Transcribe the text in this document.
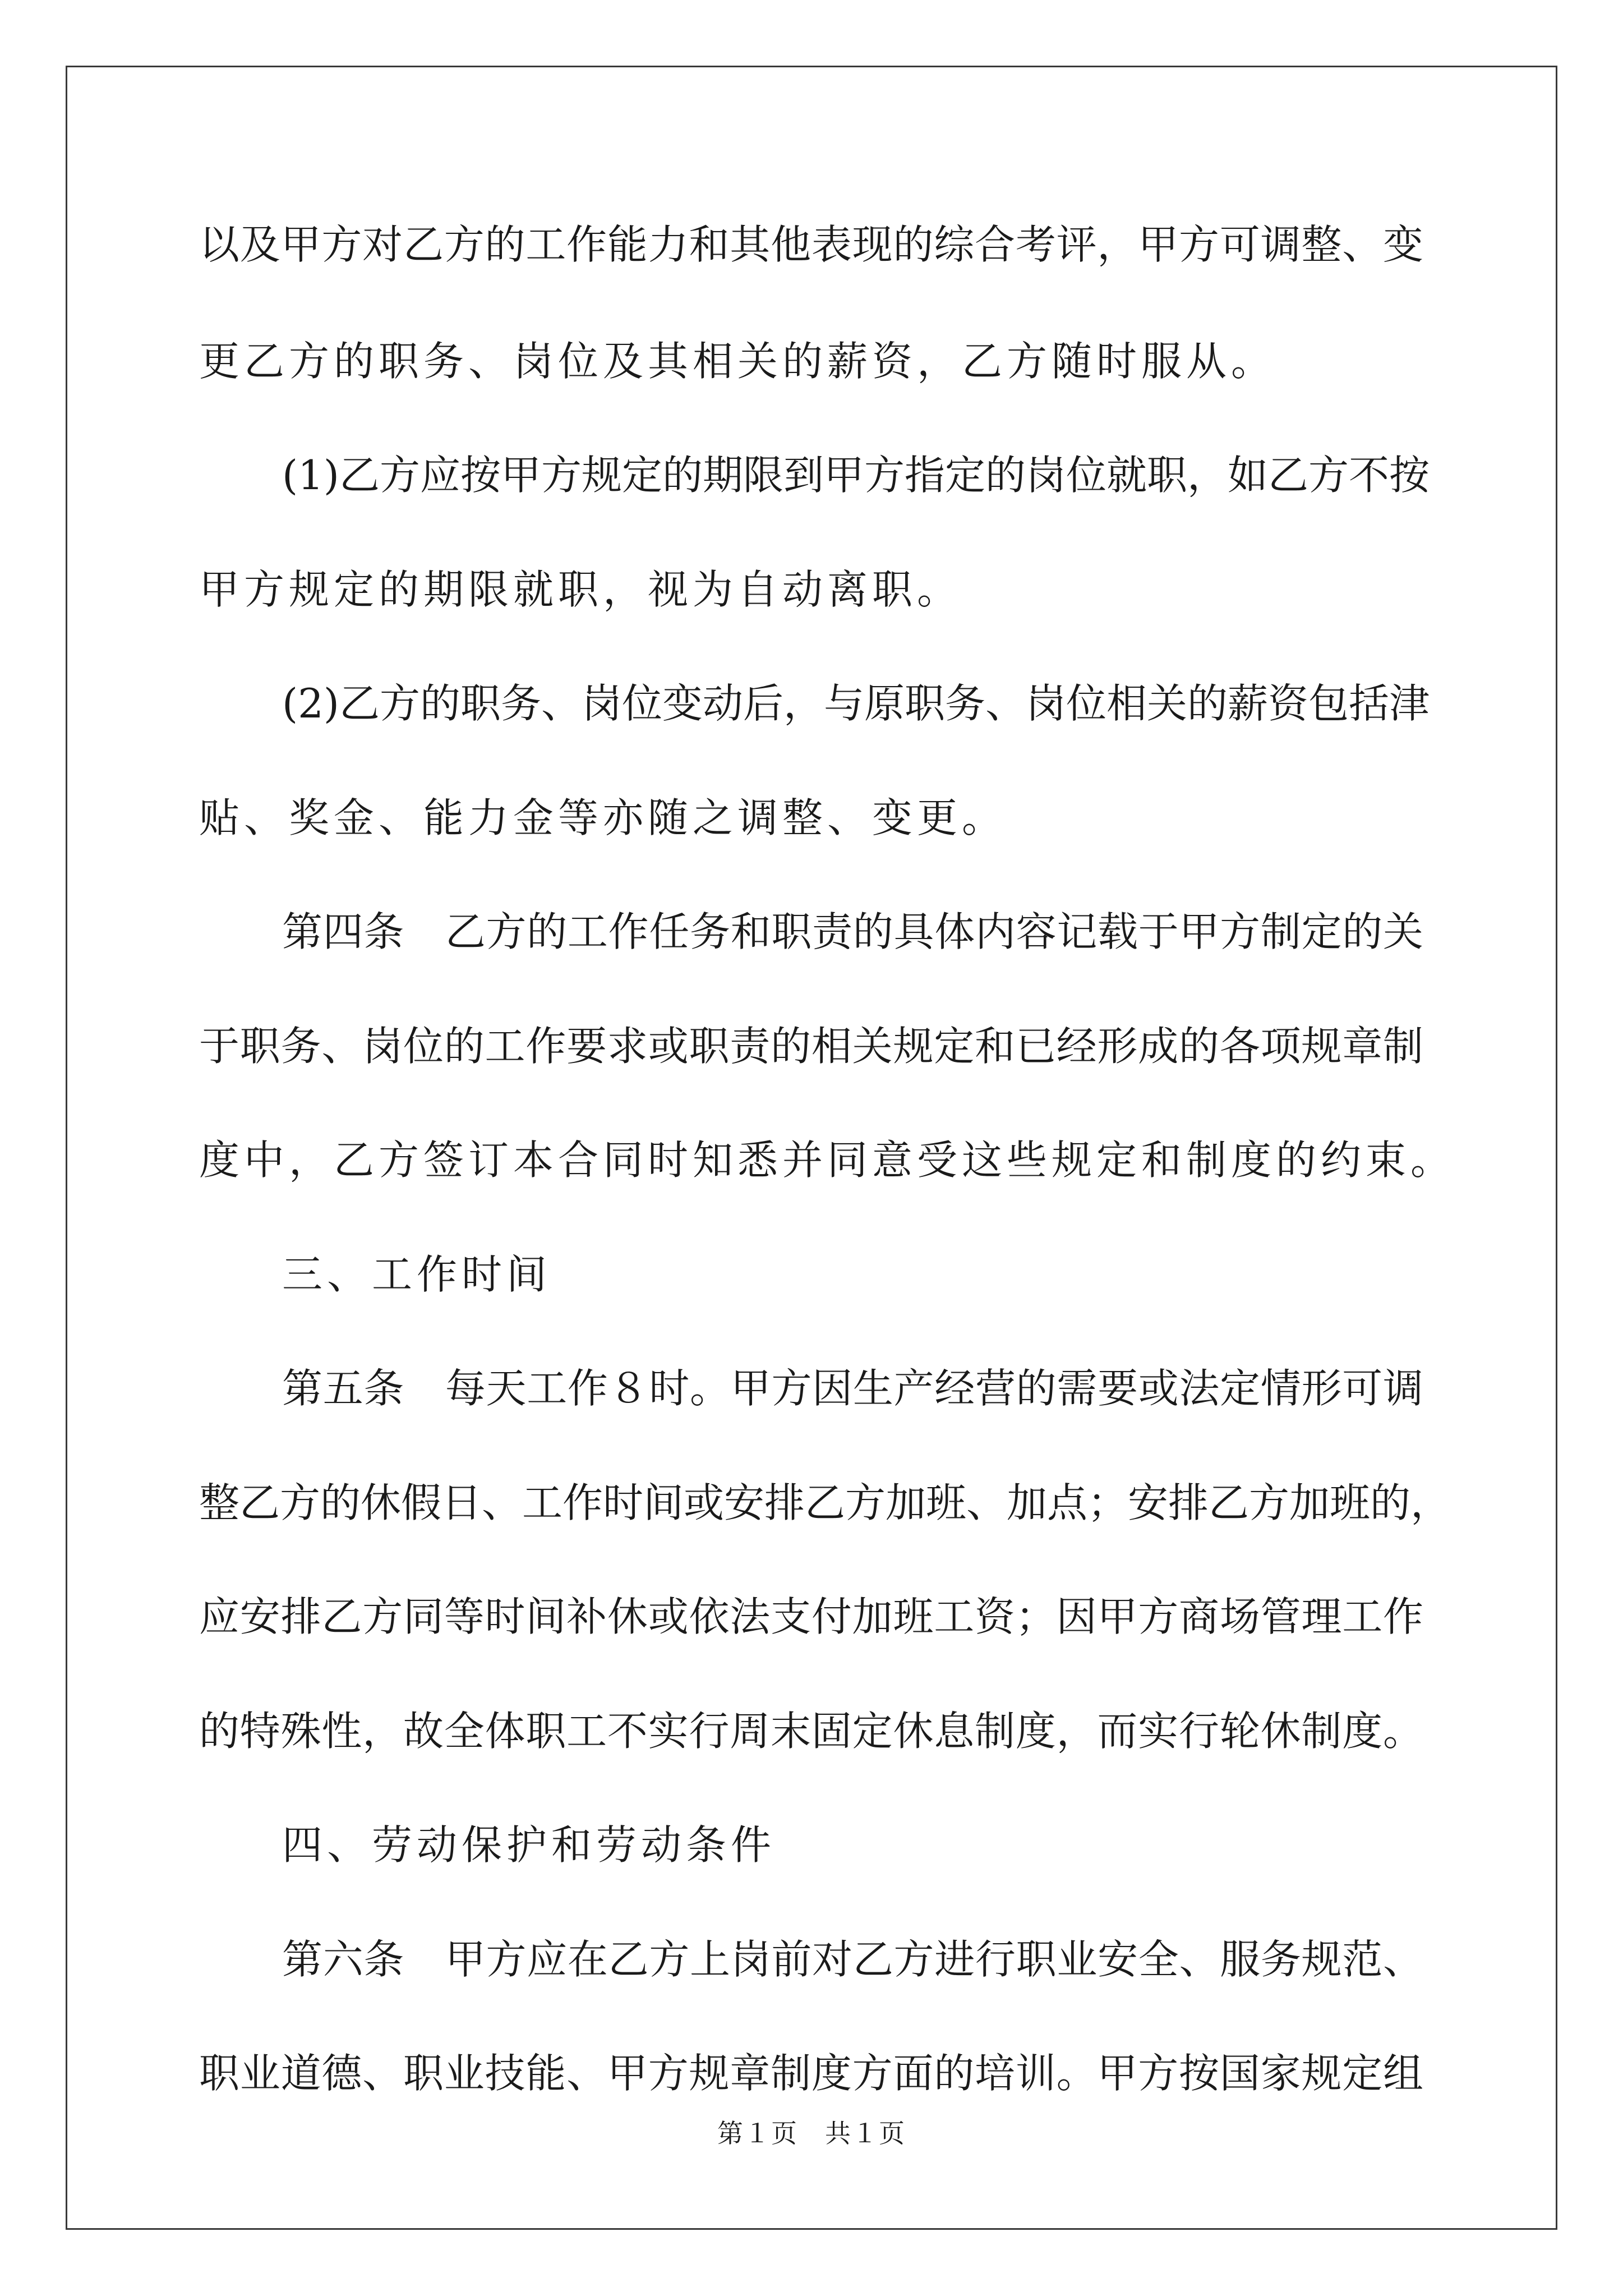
以及甲方对乙方的工作能力和其他表现的综合考评，甲方可调整、变
更乙方的职务、岗位及其相关的薪资，乙方随时服从。
(1)乙方应按甲方规定的期限到甲方指定的岗位就职，如乙方不按
甲方规定的期限就职，视为自动离职。
(2)乙方的职务、岗位变动后，与原职务、岗位相关的薪资包括津
贴、奖金、能力金等亦随之调整、变更。
第四条　乙方的工作任务和职责的具体内容记载于甲方制定的关
于职务、岗位的工作要求或职责的相关规定和已经形成的各项规章制
度中，乙方签订本合同时知悉并同意受这些规定和制度的约束。
三、工作时间
第五条　每天工作８时。甲方因生产经营的需要或法定情形可调
整乙方的休假日、工作时间或安排乙方加班、加点；安排乙方加班的，
应安排乙方同等时间补休或依法支付加班工资；因甲方商场管理工作
的特殊性，故全体职工不实行周末固定休息制度，而实行轮休制度。
四、劳动保护和劳动条件
第六条　甲方应在乙方上岗前对乙方进行职业安全、服务规范、
职业道德、职业技能、甲方规章制度方面的培训。甲方按国家规定组
第１页　共１页
